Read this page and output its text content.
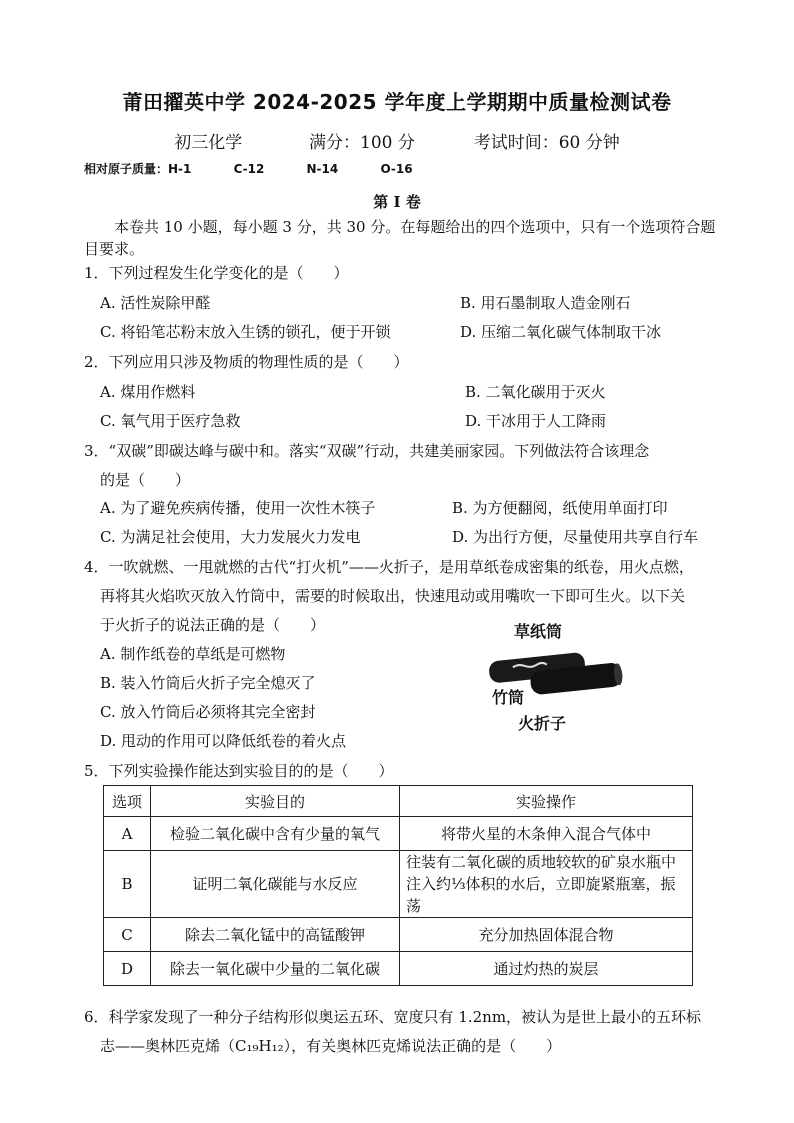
莆田擢英中学 2024-2025 学年度上学期期中质量检测试卷
初三化学	满分：100 分	考试时间：60 分钟
相对原子质量：H-1	C-12	N-14	O-16
第 I 卷
本卷共 10 小题，每小题 3 分，共 30 分。在每题给出的四个选项中，只有一个选项符合题目要求。
1．下列过程发生化学变化的是（　　）
A. 活性炭除甲醛	B. 用石墨制取人造金刚石
C. 将铅笔芯粉末放入生锈的锁孔，便于开锁	D. 压缩二氧化碳气体制取干冰
2．下列应用只涉及物质的物理性质的是（　　）
A. 煤用作燃料	B. 二氧化碳用于灭火
C. 氧气用于医疗急救	D. 干冰用于人工降雨
3．“双碳”即碳达峰与碳中和。落实“双碳”行动，共建美丽家园。下列做法符合该理念
的是（　　）
A. 为了避免疾病传播，使用一次性木筷子	B. 为方便翻阅，纸使用单面打印
C. 为满足社会使用，大力发展火力发电	D. 为出行方便，尽量使用共享自行车
4．一吹就燃、一甩就燃的古代“打火机”——火折子，是用草纸卷成密集的纸卷，用火点燃，
再将其火焰吹灭放入竹筒中，需要的时候取出，快速甩动或用嘴吹一下即可生火。以下关
于火折子的说法正确的是（　　）
A. 制作纸卷的草纸是可燃物
B. 装入竹筒后火折子完全熄灭了
C. 放入竹筒后必须将其完全密封
D. 甩动的作用可以降低纸卷的着火点
草纸筒
竹筒
火折子
5．下列实验操作能达到实验目的的是（　　）
选项	实验目的	实验操作
A	检验二氧化碳中含有少量的氧气	将带火星的木条伸入混合气体中
B	证明二氧化碳能与水反应	往装有二氧化碳的质地较软的矿泉水瓶中
注入约⅓体积的水后，立即旋紧瓶塞，振荡

C	除去二氧化锰中的高锰酸钾	充分加热固体混合物
D	除去一氧化碳中少量的二氧化碳	通过灼热的炭层
6．科学家发现了一种分子结构形似奥运五环、宽度只有 1.2nm，被认为是世上最小的五环标
志——奥林匹克烯（C₁₉H₁₂），有关奥林匹克烯说法正确的是（　　）
